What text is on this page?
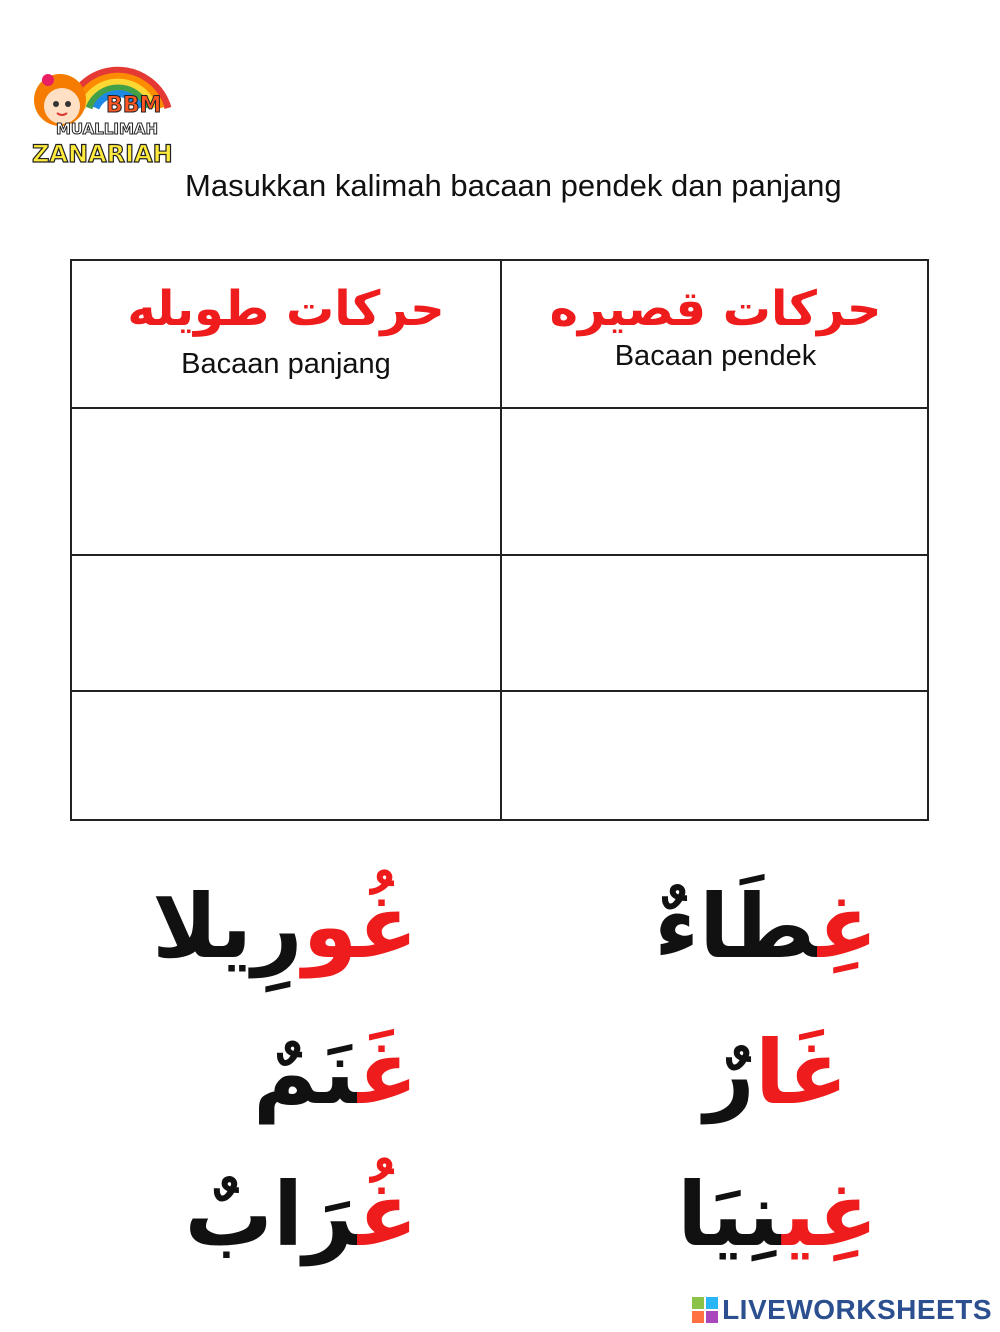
BBM
MUALLIMAH
ZANARIAH
Masukkan kalimah bacaan pendek dan panjang
حركات طويله
Bacaan panjang
حركات قصيره
Bacaan pendek
غُورِيلا	غِطَاءٌ
غَنَمٌ	غَارٌ
غُرَابٌ	غِينِيَا
LIVEWORKSHEETS
